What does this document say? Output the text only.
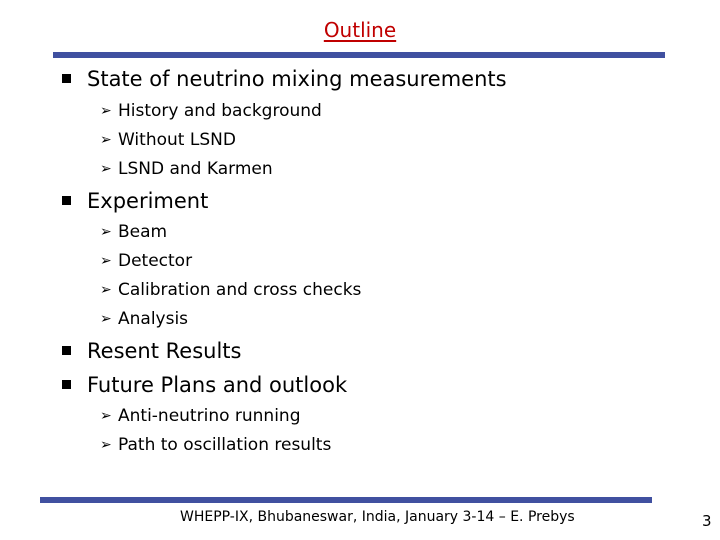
Outline
State of neutrino mixing measurements
➢ History and background
➢ Without LSND
➢ LSND and Karmen
Experiment
➢ Beam
➢ Detector
➢ Calibration and cross checks
➢ Analysis
Resent Results
Future Plans and outlook
➢ Anti-neutrino running
➢ Path to oscillation results
WHEPP-IX, Bhubaneswar, India, January 3-14 – E. Prebys	3
